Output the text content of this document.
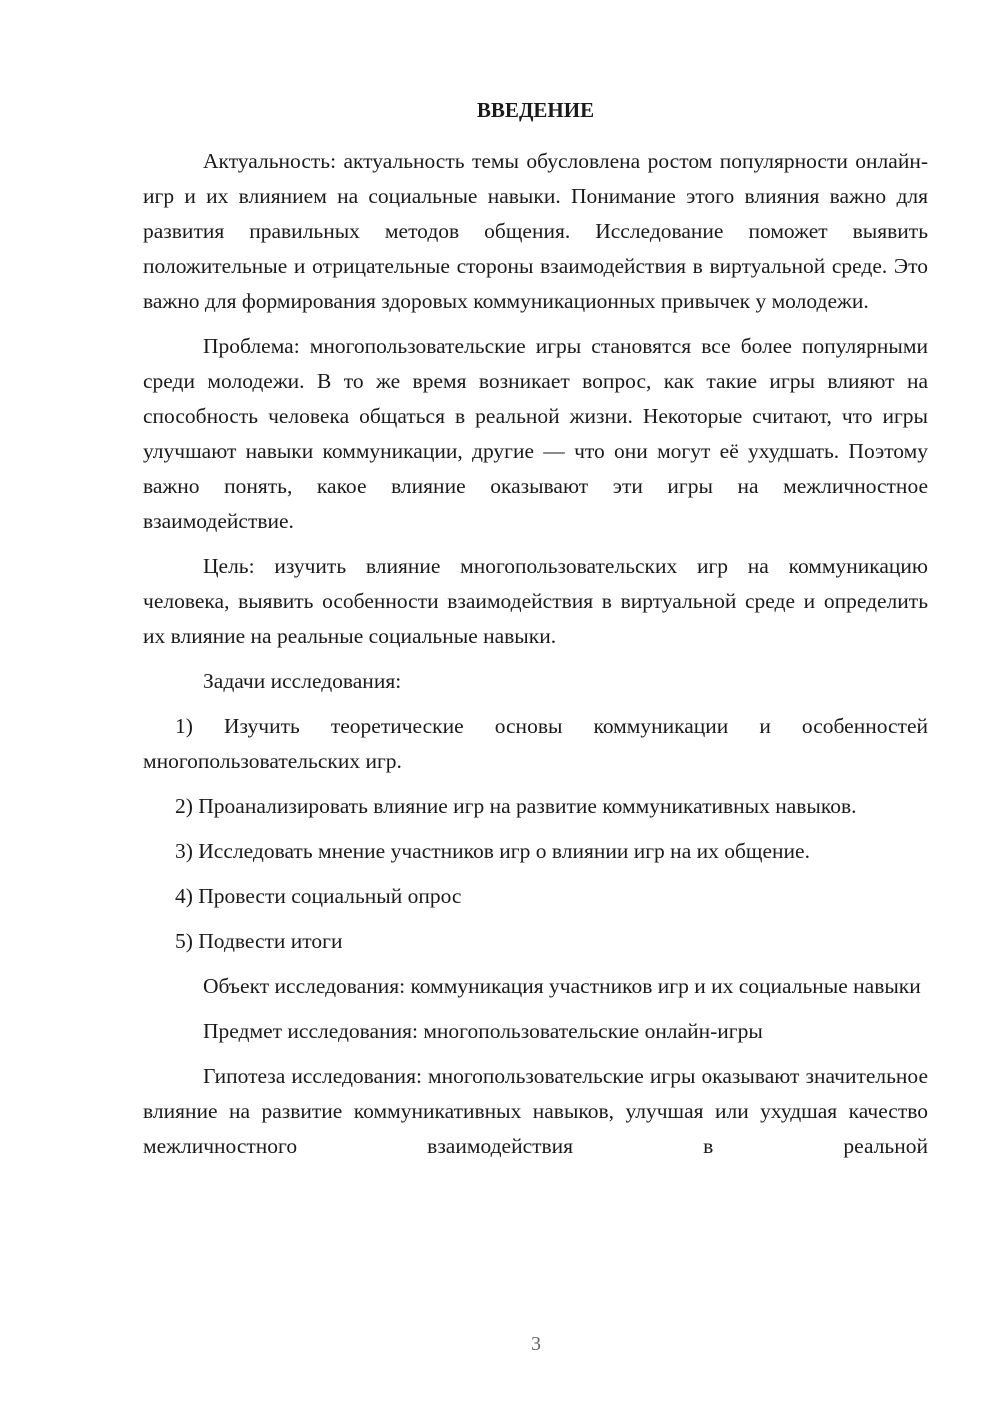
ВВЕДЕНИЕ

Актуальность: актуальность темы обусловлена ростом популярности онлайн-игр и их влиянием на социальные навыки. Понимание этого влияния важно для развития правильных методов общения. Исследование поможет выявить положительные и отрицательные стороны взаимодействия в виртуальной среде. Это важно для формирования здоровых коммуникационных привычек у молодежи.

Проблема: многопользовательские игры становятся все более популярными среди молодежи. В то же время возникает вопрос, как такие игры влияют на способность человека общаться в реальной жизни. Некоторые считают, что игры улучшают навыки коммуникации, другие — что они могут её ухудшать. Поэтому важно понять, какое влияние оказывают эти игры на межличностное взаимодействие.

Цель: изучить влияние многопользовательских игр на коммуникацию человека, выявить особенности взаимодействия в виртуальной среде и определить их влияние на реальные социальные навыки.

Задачи исследования:

1) Изучить теоретические основы коммуникации и особенностей многопользовательских игр.

2) Проанализировать влияние игр на развитие коммуникативных навыков.

3) Исследовать мнение участников игр о влиянии игр на их общение.

4) Провести социальный опрос

5) Подвести итоги

Объект исследования: коммуникация участников игр и их социальные навыки

Предмет исследования: многопользовательские онлайн-игры

Гипотеза исследования: многопользовательские игры оказывают значительное влияние на развитие коммуникативных навыков, улучшая или ухудшая качество межличностного взаимодействия в реальной

3
